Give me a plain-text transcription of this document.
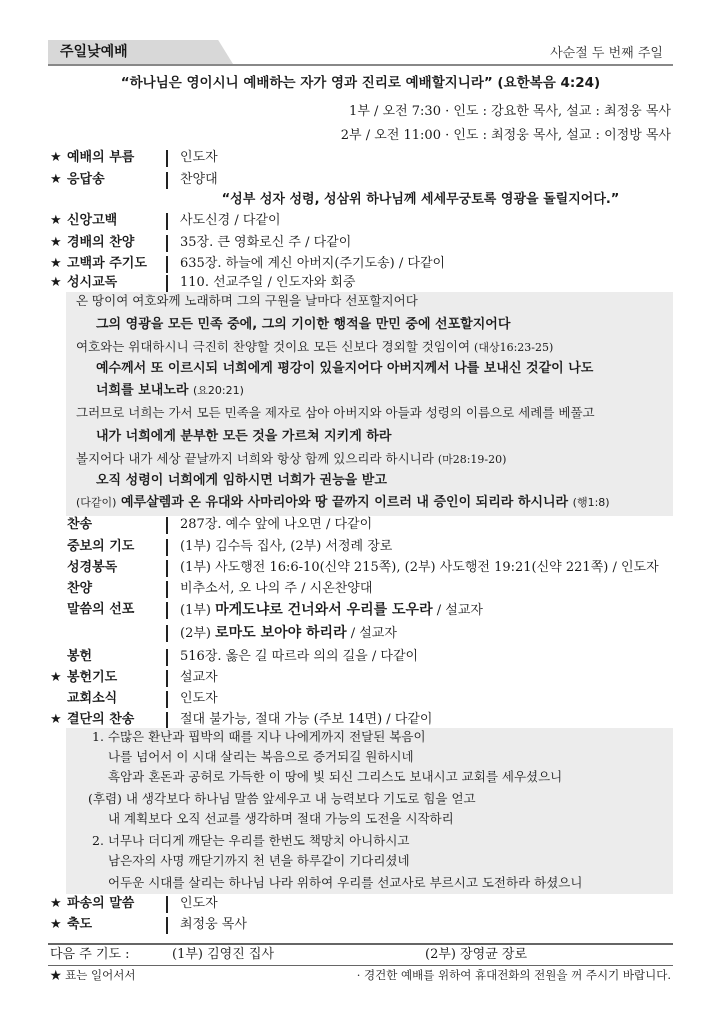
주일낮예배	사순절 두 번째 주일
“하나님은 영이시니 예배하는 자가 영과 진리로 예배할지니라” (요한복음 4:24)
1부 / 오전 7:30 · 인도 : 강요한 목사, 설교 : 최정웅 목사
2부 / 오전 11:00 · 인도 : 최정웅 목사, 설교 : 이정방 목사
★ 예배의 부름	인도자
★ 응답송	찬양대
“성부 성자 성령, 성삼위 하나님께 세세무궁토록 영광을 돌릴지어다.”
★ 신앙고백	사도신경 / 다같이
★ 경배의 찬양	35장. 큰 영화로신 주 / 다같이
★ 고백과 주기도	635장. 하늘에 계신 아버지(주기도송) / 다같이
★ 성시교독	110. 선교주일 / 인도자와 회중
온 땅이여 여호와께 노래하며 그의 구원을 날마다 선포할지어다
그의 영광을 모든 민족 중에, 그의 기이한 행적을 만민 중에 선포할지어다
여호와는 위대하시니 극진히 찬양할 것이요 모든 신보다 경외할 것임이여 (대상16:23-25)
예수께서 또 이르시되 너희에게 평강이 있을지어다 아버지께서 나를 보내신 것같이 나도
너희를 보내노라 (요20:21)
그러므로 너희는 가서 모든 민족을 제자로 삼아 아버지와 아들과 성령의 이름으로 세례를 베풀고
내가 너희에게 분부한 모든 것을 가르쳐 지키게 하라
볼지어다 내가 세상 끝날까지 너희와 항상 함께 있으리라 하시니라 (마28:19-20)
오직 성령이 너희에게 임하시면 너희가 권능을 받고
(다같이) 예루살렘과 온 유대와 사마리아와 땅 끝까지 이르러 내 증인이 되리라 하시니라 (행1:8)
찬송	287장. 예수 앞에 나오면 / 다같이
중보의 기도	(1부) 김수득 집사, (2부) 서정례 장로
성경봉독	(1부) 사도행전 16:6-10(신약 215쪽), (2부) 사도행전 19:21(신약 221쪽) / 인도자
찬양	비추소서, 오 나의 주 / 시온찬양대
말씀의 선포	(1부) 마게도냐로 건너와서 우리를 도우라 / 설교자
(2부) 로마도 보아야 하리라 / 설교자
봉헌	516장. 옳은 길 따르라 의의 길을 / 다같이
★ 봉헌기도	설교자
교회소식	인도자
★ 결단의 찬송	절대 불가능, 절대 가능 (주보 14면) / 다같이
1. 수많은 환난과 핍박의 때를 지나 나에게까지 전달된 복음이
나를 넘어서 이 시대 살리는 복음으로 증거되길 원하시네
흑암과 혼돈과 공허로 가득한 이 땅에 빛 되신 그리스도 보내시고 교회를 세우셨으니
(후렴) 내 생각보다 하나님 말씀 앞세우고 내 능력보다 기도로 힘을 얻고
내 계획보다 오직 선교를 생각하며 절대 가능의 도전을 시작하리
2. 너무나 더디게 깨닫는 우리를 한번도 책망치 아니하시고
남은자의 사명 깨닫기까지 천 년을 하루같이 기다리셨네
어두운 시대를 살리는 하나님 나라 위하여 우리를 선교사로 부르시고 도전하라 하셨으니
★ 파송의 말씀	인도자
★ 축도	최정웅 목사
다음 주 기도 :	(1부) 김영진 집사	(2부) 장영균 장로
★ 표는 일어서서	· 경건한 예배를 위하여 휴대전화의 전원을 꺼 주시기 바랍니다.
